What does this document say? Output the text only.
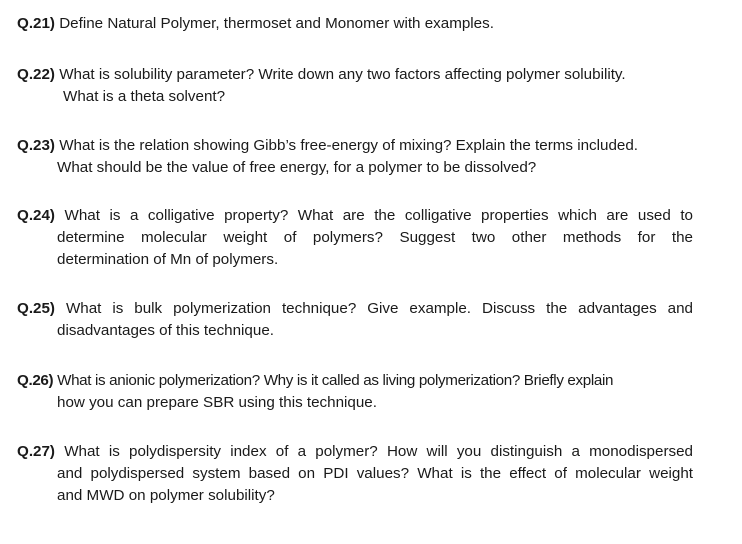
Q.21) Define Natural Polymer, thermoset and Monomer with examples.
Q.22) What is solubility parameter? Write down any two factors affecting polymer solubility.
What is a theta solvent?
Q.23) What is the relation showing Gibb’s free-energy of mixing? Explain the terms included.
What should be the value of free energy, for a polymer to be dissolved?
Q.24) What is a colligative property? What are the colligative properties which are used to
determine molecular weight of polymers? Suggest two other methods for the
determination of Mn of polymers.
Q.25) What is bulk polymerization technique? Give example. Discuss the advantages and
disadvantages of this technique.
Q.26) What is anionic polymerization? Why is it called as living polymerization? Briefly explain
how you can prepare SBR using this technique.
Q.27) What is polydispersity index of a polymer? How will you distinguish a monodispersed
and polydispersed system based on PDI values? What is the effect of molecular weight
and MWD on polymer solubility?
